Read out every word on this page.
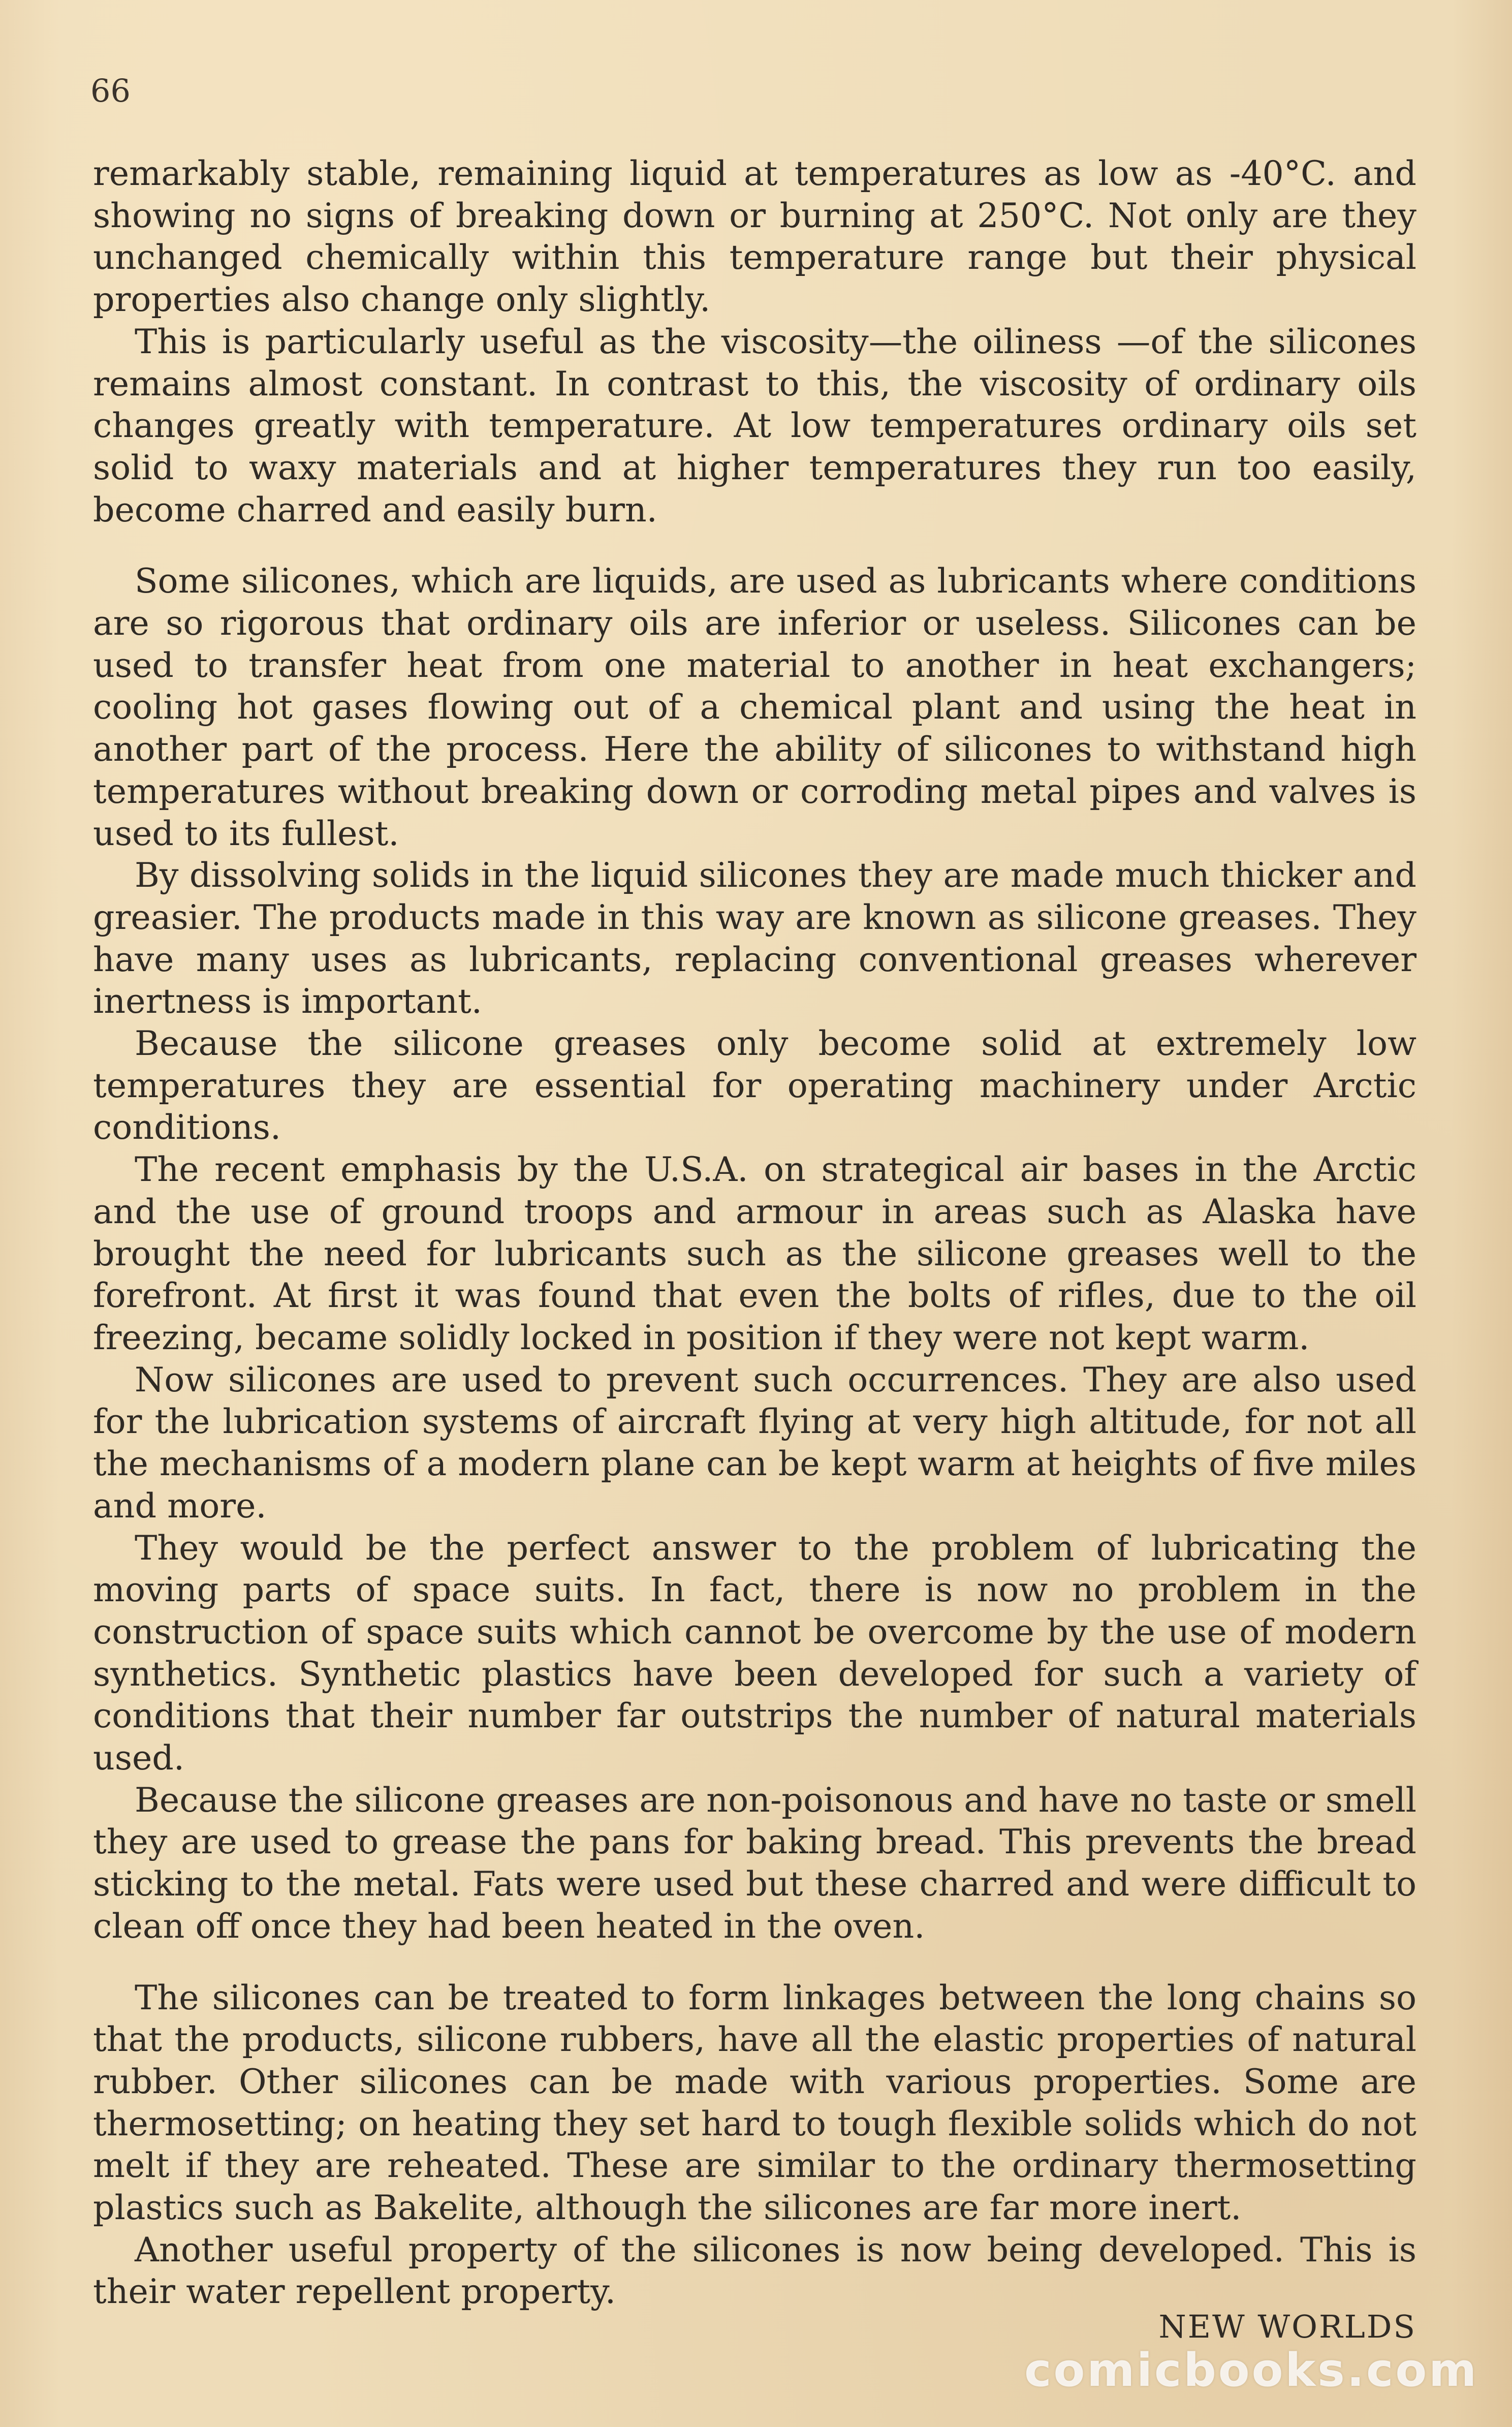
66

remarkably stable, remaining liquid at temperatures as low as -40°C. and showing no signs of breaking down or burning at 250°C. Not only are they unchanged chemically within this temperature range but their physical properties also change only slightly.

This is particularly useful as the viscosity—the oiliness —of the silicones remains almost constant. In contrast to this, the viscosity of ordinary oils changes greatly with temperature. At low temperatures ordinary oils set solid to waxy materials and at higher temperatures they run too easily, become charred and easily burn.

Some silicones, which are liquids, are used as lubricants where conditions are so rigorous that ordinary oils are inferior or useless. Silicones can be used to transfer heat from one material to another in heat exchangers; cooling hot gases flowing out of a chemical plant and using the heat in another part of the process. Here the ability of silicones to withstand high temperatures without breaking down or corroding metal pipes and valves is used to its fullest.

By dissolving solids in the liquid silicones they are made much thicker and greasier. The products made in this way are known as silicone greases. They have many uses as lubricants, replacing conventional greases wherever inertness is important.

Because the silicone greases only become solid at extremely low temperatures they are essential for operating machinery under Arctic conditions.

The recent emphasis by the U.S.A. on strategical air bases in the Arctic and the use of ground troops and armour in areas such as Alaska have brought the need for lubricants such as the silicone greases well to the forefront. At first it was found that even the bolts of rifles, due to the oil freezing, became solidly locked in position if they were not kept warm.

Now silicones are used to prevent such occurrences. They are also used for the lubrication systems of aircraft flying at very high altitude, for not all the mechanisms of a modern plane can be kept warm at heights of five miles and more.

They would be the perfect answer to the problem of lubricating the moving parts of space suits. In fact, there is now no problem in the construction of space suits which cannot be overcome by the use of modern synthetics. Synthetic plastics have been developed for such a variety of conditions that their number far outstrips the number of natural materials used.

Because the silicone greases are non-poisonous and have no taste or smell they are used to grease the pans for baking bread. This prevents the bread sticking to the metal. Fats were used but these charred and were difficult to clean off once they had been heated in the oven.

The silicones can be treated to form linkages between the long chains so that the products, silicone rubbers, have all the elastic properties of natural rubber. Other silicones can be made with various properties. Some are thermosetting; on heating they set hard to tough flexible solids which do not melt if they are reheated. These are similar to the ordinary thermosetting plastics such as Bakelite, although the silicones are far more inert.

Another useful property of the silicones is now being developed. This is their water repellent property.

NEW WORLDS
comicbooks.com
